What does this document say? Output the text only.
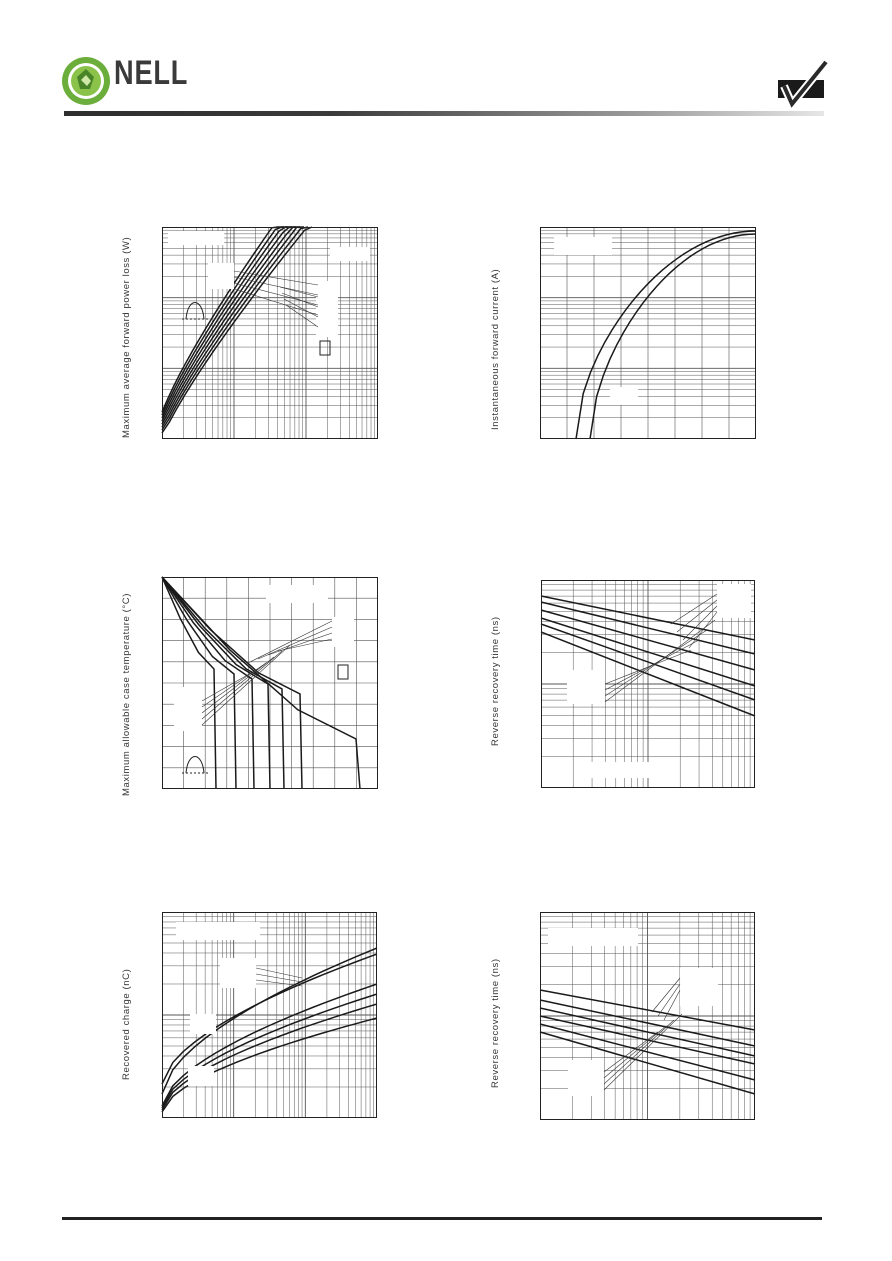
NELL
Maximum average forward power loss (W)	Instantaneous forward current (A)
Maximum allowable case temperature (°C)	Reverse recovery time (ns)
Recovered charge (nC)	Reverse recovery time (ns)
